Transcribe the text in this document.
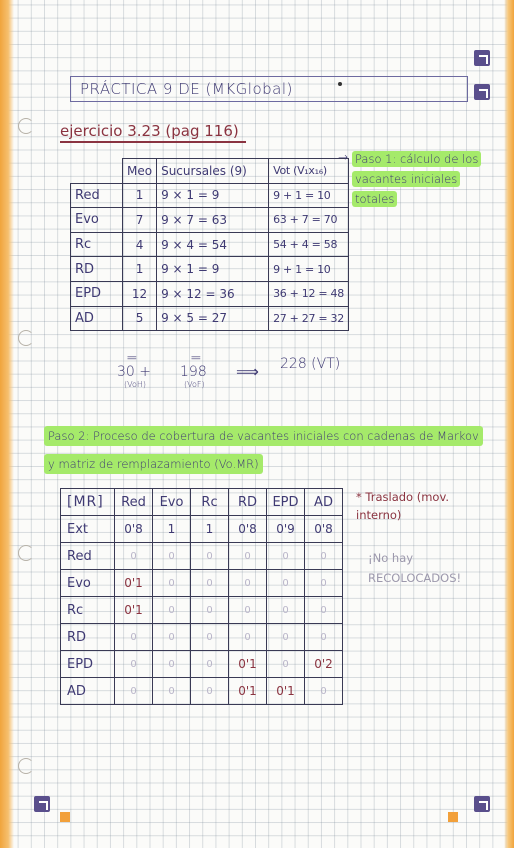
PRÁCTICA 9 DE (MKGlobal)
ejercicio 3.23 (pag 116)
	Meo	Sucursales (9)	Vot (V₁x₁₆)
Red	1	9 × 1 = 9	9 + 1 = 10
Evo	7	9 × 7 = 63	63 + 7 = 70
Rc	4	9 × 4 = 54	54 + 4 = 58
RD	1	9 × 1 = 9	9 + 1 = 10
EPD	12	9 × 12 = 36	36 + 12 = 48
AD	5	9 × 5 = 27	27 + 27 = 32
→ Paso 1: cálculo de los vacantes iniciales totales
=	=
30 +
(VoH)
198
(VoF)
⟹ 228 (VT)
Paso 2: Proceso de cobertura de vacantes iniciales con cadenas de Markov y matriz de remplazamiento (Vo.MR)
[MR]	Red	Evo	Rc	RD	EPD	AD
Ext	0'8	1	1	0'8	0'9	0'8
Red	0	0	0	0	0	0
Evo	0'1	0	0	0	0	0
Rc	0'1	0	0	0	0	0
RD	0	0	0	0	0	0
EPD	0	0	0	0'1	0	0'2
AD	0	0	0	0'1	0'1	0
* Traslado (mov. interno)
¡No hay RECOLOCADOS!
